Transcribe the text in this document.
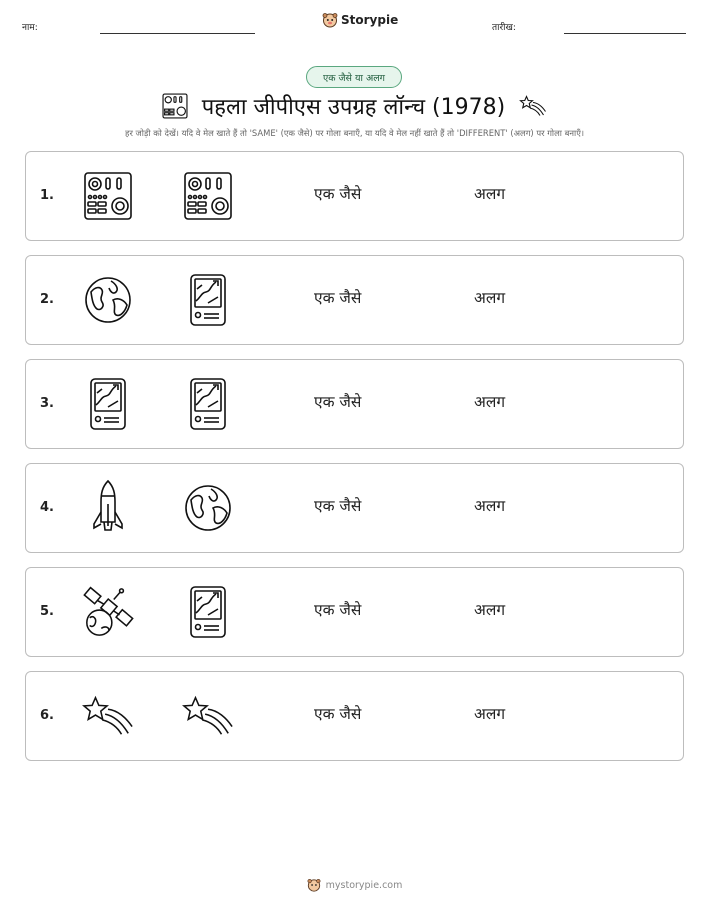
नाम:
Storypie
तारीख:
एक जैसे या अलग
पहला जीपीएस उपग्रह लॉन्च (1978)
हर जोड़ी को देखें। यदि वे मेल खाते हैं तो 'SAME' (एक जैसे) पर गोला बनाएँ, या यदि वे मेल नहीं खाते हैं तो 'DIFFERENT' (अलग) पर गोला बनाएँ।
1.	एक जैसे	अलग
2.	एक जैसे	अलग
3.	एक जैसे	अलग
4.	एक जैसे	अलग
5.	एक जैसे	अलग
6.	एक जैसे	अलग
mystorypie.com
